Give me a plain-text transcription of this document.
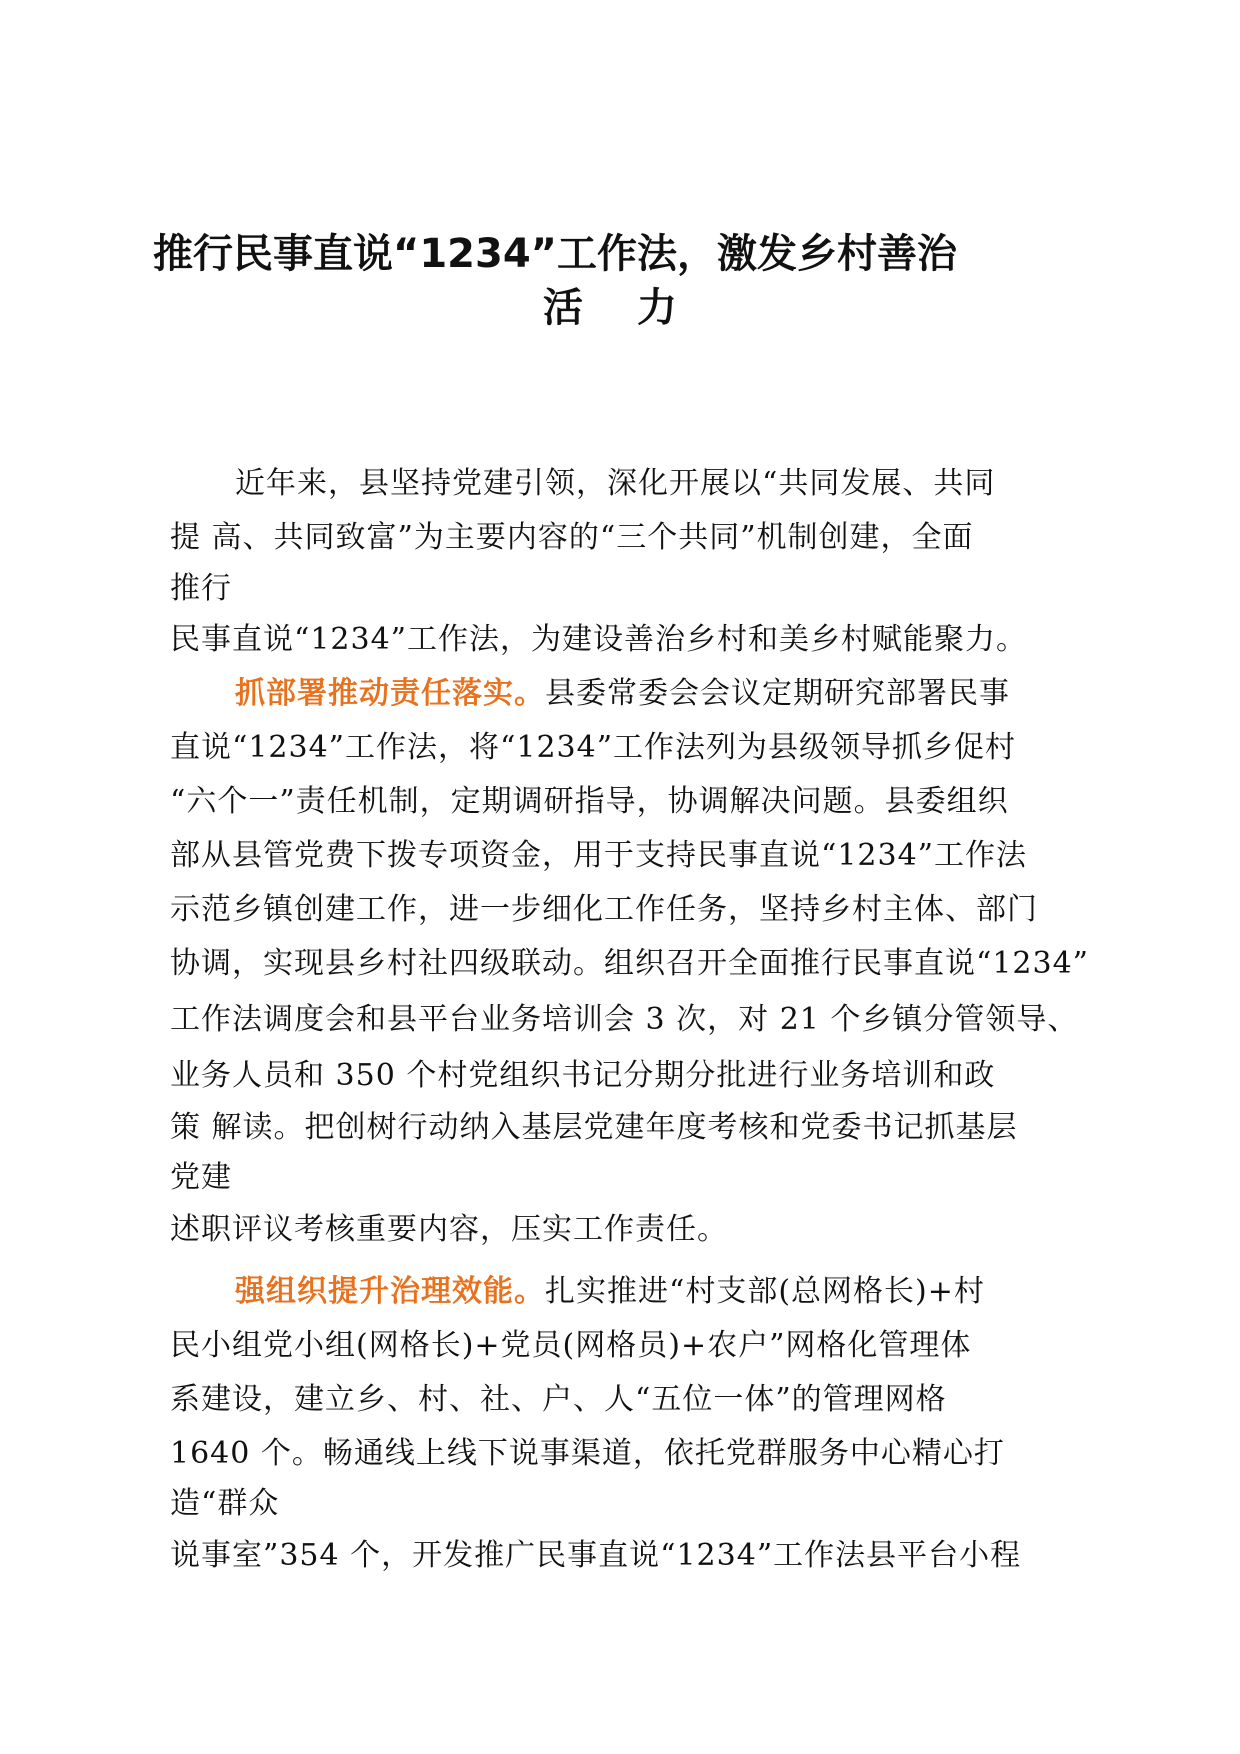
推行民事直说“1234”工作法，激发乡村善治
活 力
近年来，县坚持党建引领，深化开展以“共同发展、共同
提 高、共同致富”为主要内容的“三个共同”机制创建，全面
推行
民事直说“1234”工作法，为建设善治乡村和美乡村赋能聚力。
抓部署推动责任落实。县委常委会会议定期研究部署民事
直说“1234”工作法，将“1234”工作法列为县级领导抓乡促村
“六个一”责任机制，定期调研指导，协调解决问题。县委组织
部从县管党费下拨专项资金，用于支持民事直说“1234”工作法
示范乡镇创建工作，进一步细化工作任务，坚持乡村主体、部门
协调，实现县乡村社四级联动。组织召开全面推行民事直说“1234”
工作法调度会和县平台业务培训会 3 次，对 21 个乡镇分管领导、
业务人员和 350 个村党组织书记分期分批进行业务培训和政
策 解读。把创树行动纳入基层党建年度考核和党委书记抓基层
党建
述职评议考核重要内容，压实工作责任。
强组织提升治理效能。扎实推进“村支部(总网格长)+村
民小组党小组(网格长)+党员(网格员)+农户”网格化管理体
系建设，建立乡、村、社、户、人“五位一体”的管理网格
1640 个。畅通线上线下说事渠道，依托党群服务中心精心打
造“群众
说事室”354 个，开发推广民事直说“1234”工作法县平台小程
